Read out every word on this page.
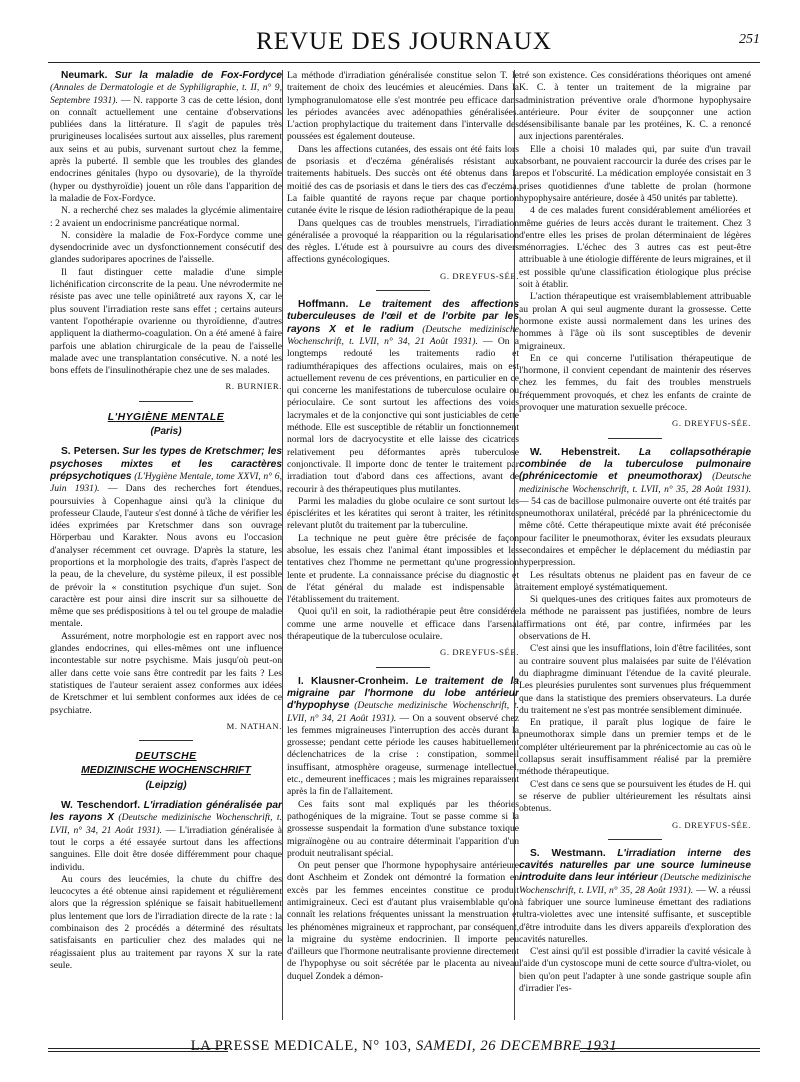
REVUE DES JOURNAUX	251

Neumark. Sur la maladie de Fox-Fordyce (Annales de Dermatologie et de Syphiligraphie, t. II, n° 9, Septembre 1931). — N. rapporte 3 cas de cette lésion, dont on connaît actuellement une centaine d'observations publiées dans la littérature. Il s'agit de papules très prurigineuses localisées surtout aux aisselles, plus rarement aux seins et au pubis, survenant surtout chez la femme, après la puberté. Il semble que les troubles des glandes endocrines génitales (hypo ou dysovarie), de la thyroïde (hyper ou dysthyroïdie) jouent un rôle dans l'apparition de la maladie de Fox-Fordyce.

N. a recherché chez ses malades la glycémie alimentaire : 2 avaient un endocrinisme pancréatique normal.

N. considère la maladie de Fox-Fordyce comme une dysendocrinide avec un dysfonctionnement consécutif des glandes sudoripares apocrines de l'aisselle.

Il faut distinguer cette maladie d'une simple lichénification circonscrite de la peau. Une névrodermite ne résiste pas avec une telle opiniâtreté aux rayons X, car le plus souvent l'irradiation reste sans effet ; certains auteurs vantent l'opothérapie ovarienne ou thyroïdienne, d'autres appliquent la diathermo-coagulation. On a été amené à faire parfois une ablation chirurgicale de la peau de l'aisselle malade avec une transplantation consécutive. N. a noté les bons effets de l'insulinothérapie chez une de ses malades.

R. BURNIER.
L'HYGIÈNE MENTALE
(Paris)

S. Petersen. Sur les types de Kretschmer; les psychoses mixtes et les caractères prépsychotiques (L'Hygiène Mentale, tome XXVI, n° 6, Juin 1931). — Dans des recherches fort étendues, poursuivies à Copenhague ainsi qu'à la clinique du professeur Claude, l'auteur s'est donné à tâche de vérifier les idées exprimées par Kretschmer dans son ouvrage Hörperbau und Karakter. Nous avons eu l'occasion d'analyser récemment cet ouvrage. D'après la stature, les proportions et la morphologie des traits, d'après l'aspect de la peau, de la chevelure, du système pileux, il est possible de prévoir la « constitution psychique d'un sujet. Son caractère est pour ainsi dire inscrit sur sa silhouette de même que ses prédispositions à tel ou tel groupe de maladie mentale.

Assurément, notre morphologie est en rapport avec nos glandes endocrines, qui elles-mêmes ont une influence incontestable sur notre psychisme. Mais jusqu'où peut-on aller dans cette voie sans être contredit par les faits ? Les statistiques de l'auteur seraient assez conformes aux idées de Kretschmer et lui semblent conformes aux idées de ce psychiatre.

M. NATHAN.
DEUTSCHE
MEDIZINISCHE WOCHENSCHRIFT
(Leipzig)

W. Teschendorf. L'irradiation généralisée par les rayons X (Deutsche medizinische Wochenschrift, t. LVII, n° 34, 21 Août 1931). — L'irradiation généralisée à tout le corps a été essayée surtout dans les affections sanguines. Elle doit être dosée différemment pour chaque individu.

Au cours des leucémies, la chute du chiffre des leucocytes a été obtenue ainsi rapidement et régulièrement alors que la régression splénique se faisait habituellement plus lentement que lors de l'irradiation directe de la rate : la combinaison des 2 procédés a déterminé des résultats satisfaisants en particulier chez des malades qui ne réagissaient plus au traitement par rayons X sur la rate seule.

La méthode d'irradiation généralisée constitue selon T. le traitement de choix des leucémies et aleucémies. Dans la lymphogranulomatose elle s'est montrée peu efficace dans les périodes avancées avec adénopathies généralisées. L'action prophylactique du traitement dans l'intervalle des poussées est également douteuse.

Dans les affections cutanées, des essais ont été faits lors de psoriasis et d'eczéma généralisés résistant aux traitements habituels. Des succès ont été obtenus dans la moitié des cas de psoriasis et dans le tiers des cas d'eczéma. La faible quantité de rayons reçue par chaque portion cutanée évite le risque de lésion radiothérapique de la peau.

Dans quelques cas de troubles menstruels, l'irradiation généralisée a provoqué la réapparition ou la régularisation des règles. L'étude est à poursuivre au cours des divers affections gynécologiques.

G. DREYFUS-SÉE.

Hoffmann. Le traitement des affections tuberculeuses de l'œil et de l'orbite par les rayons X et le radium (Deutsche medizinische Wochenschrift, t. LVII, n° 34, 21 Août 1931). — On a longtemps redouté les traitements radio et radiumthérapiques des affections oculaires, mais on est actuellement revenu de ces préventions, en particulier en ce qui concerne les manifestations de tuberculose oculaire ou périoculaire. Ce sont surtout les affections des voies lacrymales et de la conjonctive qui sont justiciables de cette méthode. Elle est susceptible de rétablir un fonctionnement normal lors de dacryocystite et elle laisse des cicatrices relativement peu déformantes après tuberculose conjonctivale. Il importe donc de tenter le traitement par irradiation tout d'abord dans ces affections, avant de recourir à des thérapeutiques plus mutilantes.

Parmi les maladies du globe oculaire ce sont surtout les épisclérites et les kératites qui seront à traiter, les rétinites relevant plutôt du traitement par la tuberculine.

La technique ne peut guère être précisée de façon absolue, les essais chez l'animal étant impossibles et les tentatives chez l'homme ne permettant qu'une progression lente et prudente. La connaissance précise du diagnostic et de l'état général du malade est indispensable à l'établissement du traitement.

Quoi qu'il en soit, la radiothérapie peut être considérée comme une arme nouvelle et efficace dans l'arsenal thérapeutique de la tuberculose oculaire.

G. DREYFUS-SÉE.

I. Klausner-Cronheim. Le traitement de la migraine par l'hormone du lobe antérieur d'hypophyse (Deutsche medizinische Wochenschrift, t. LVII, n° 34, 21 Août 1931). — On a souvent observé chez les femmes migraineuses l'interruption des accès durant la grossesse; pendant cette période les causes habituellement déclenchatrices de la crise : constipation, sommeil insuffisant, atmosphère orageuse, surmenage intellectuel, etc., demeurent inefficaces ; mais les migraines reparaissent après la fin de l'allaitement.

Ces faits sont mal expliqués par les théories pathogéniques de la migraine. Tout se passe comme si la grossesse suspendait la formation d'une substance toxique migraïnogène ou au contraire déterminait l'apparition d'un produit neutralisant spécial.

On peut penser que l'hormone hypophysaire antérieure dont Aschheim et Zondek ont démontré la formation en excès par les femmes enceintes constitue ce produit antimigraineux. Ceci est d'autant plus vraisemblable qu'on connaît les relations fréquentes unissant la menstruation et les phénomènes migraineux et rapprochant, par conséquent, la migraine du système endocrinien. Il importe peu d'ailleurs que l'hormone neutralisante provienne directement de l'hypophyse ou soit sécrétée par le placenta au niveau duquel Zondek a démon-

tré son existence. Ces considérations théoriques ont amené K. C. à tenter un traitement de la migraine par administration préventive orale d'hormone hypophysaire antérieure. Pour éviter de soupçonner une action désensibilisante banale par les protéines, K. C. a renoncé aux injections parentérales.

Elle a choisi 10 malades qui, par suite d'un travail absorbant, ne pouvaient raccourcir la durée des crises par le repos et l'obscurité. La médication employée consistait en 3 prises quotidiennes d'une tablette de prolan (hormone hypophysaire antérieure, dosée à 450 unités par tablette).

4 de ces malades furent considérablement améliorées et même guéries de leurs accès durant le traitement. Chez 3 d'entre elles les prises de prolan déterminaient de légères ménorragies. L'échec des 3 autres cas est peut-être attribuable à une étiologie différente de leurs migraines, et il est possible qu'une classification étiologique plus précise soit à établir.

L'action thérapeutique est vraisemblablement attribuable au prolan A qui seul augmente durant la grossesse. Cette hormone existe aussi normalement dans les urines des hommes à l'âge où ils sont susceptibles de devenir migraineux.

En ce qui concerne l'utilisation thérapeutique de l'hormone, il convient cependant de maintenir des réserves chez les femmes, du fait des troubles menstruels fréquemment provoqués, et chez les enfants de crainte de provoquer une maturation sexuelle précoce.

G. DREYFUS-SÉE.

W. Hebenstreit. La collapsothérapie combinée de la tuberculose pulmonaire (phrénicectomie et pneumothorax) (Deutsche medizinische Wochenschrift, t. LVII, n° 35, 28 Août 1931). — 54 cas de bacillose pulmonaire ouverte ont été traités par pneumothorax unilatéral, précédé par la phrénicectomie du même côté. Cette thérapeutique mixte avait été préconisée pour faciliter le pneumothorax, éviter les exsudats pleuraux secondaires et empêcher le déplacement du médiastin par hyperpression.

Les résultats obtenus ne plaident pas en faveur de ce traitement employé systématiquement.

Si quelques-unes des critiques faites aux promoteurs de la méthode ne paraissent pas justifiées, nombre de leurs affirmations ont été, par contre, infirmées par les observations de H.

C'est ainsi que les insufflations, loin d'être facilitées, sont au contraire souvent plus malaisées par suite de l'élévation du diaphragme diminuant l'étendue de la cavité pleurale. Les pleurésies purulentes sont survenues plus fréquemment que dans la statistique des premiers observateurs. La durée du traitement ne s'est pas montrée sensiblement diminuée.

En pratique, il paraît plus logique de faire le pneumothorax simple dans un premier temps et de le compléter ultérieurement par la phrénicectomie au cas où le collapsus serait insuffisamment réalisé par la première méthode thérapeutique.

C'est dans ce sens que se poursuivent les études de H. qui se réserve de publier ultérieurement les résultats ainsi obtenus.

G. DREYFUS-SÉE.

S. Westmann. L'irradiation interne des cavités naturelles par une source lumineuse introduite dans leur intérieur (Deutsche medizinische Wochenschrift, t. LVII, n° 35, 28 Août 1931). — W. a réussi à fabriquer une source lumineuse émettant des radiations ultra-violettes avec une intensité suffisante, et susceptible d'être introduite dans les divers appareils d'exploration des cavités naturelles.

C'est ainsi qu'il est possible d'irradier la cavité vésicale à l'aide d'un cystoscope muni de cette source d'ultra-violet, ou bien qu'on peut l'adapter à une sonde gastrique souple afin d'irradier l'es-

LA PRESSE MEDICALE, N° 103, SAMEDI, 26 DECEMBRE 1931
